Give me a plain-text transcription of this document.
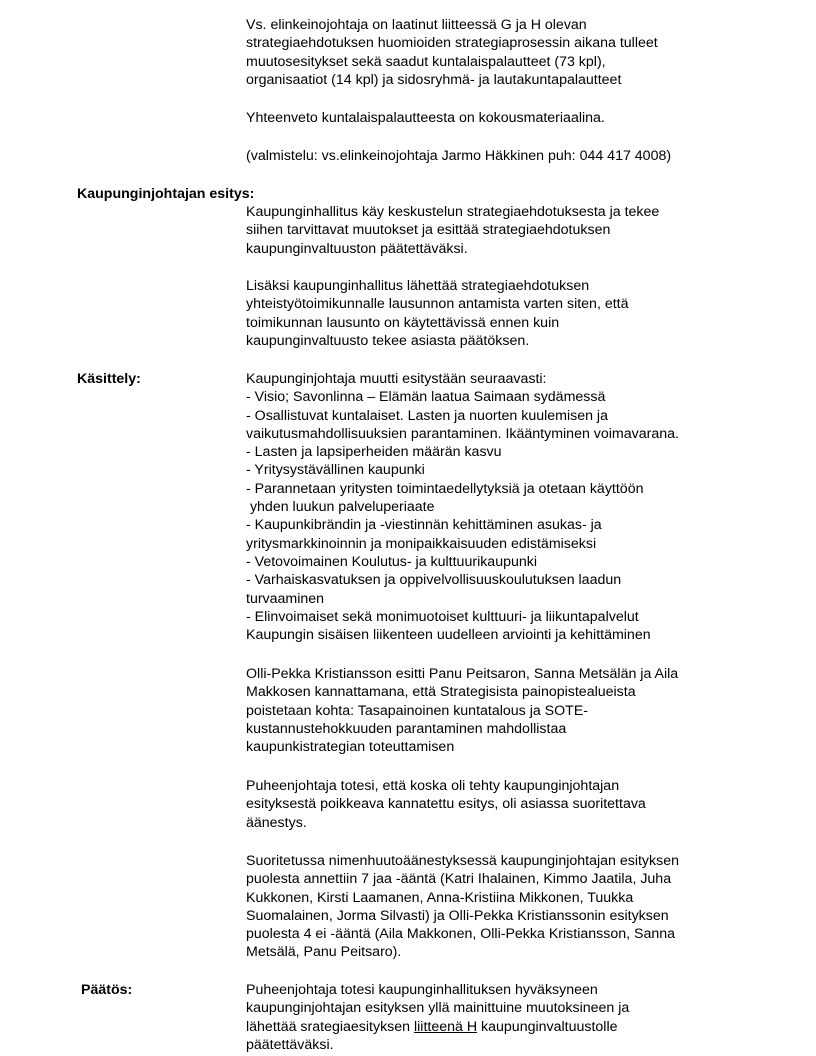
Vs. elinkeinojohtaja on laatinut liitteessä G ja H olevan
strategiaehdotuksen huomioiden strategiaprosessin aikana tulleet
muutosesitykset sekä saadut kuntalaispalautteet (73 kpl),
organisaatiot (14 kpl) ja sidosryhmä- ja lautakuntapalautteet
Yhteenveto kuntalaispalautteesta on kokousmateriaalina.
(valmistelu: vs.elinkeinojohtaja Jarmo Häkkinen puh: 044 417 4008)
Kaupunginjohtajan esitys:
Kaupunginhallitus käy keskustelun strategiaehdotuksesta ja tekee
siihen tarvittavat muutokset ja esittää strategiaehdotuksen
kaupunginvaltuuston päätettäväksi.
Lisäksi kaupunginhallitus lähettää strategiaehdotuksen
yhteistyötoimikunnalle lausunnon antamista varten siten, että
toimikunnan lausunto on käytettävissä ennen kuin
kaupunginvaltuusto tekee asiasta päätöksen.
Käsittely:	Kaupunginjohtaja muutti esitystään seuraavasti:
- Visio; Savonlinna – Elämän laatua Saimaan sydämessä
- Osallistuvat kuntalaiset. Lasten ja nuorten kuulemisen ja
vaikutusmahdollisuuksien parantaminen. Ikääntyminen voimavarana.
- Lasten ja lapsiperheiden määrän kasvu
- Yritysystävällinen kaupunki
- Parannetaan yritysten toimintaedellytyksiä ja otetaan käyttöön
yhden luukun palveluperiaate
- Kaupunkibrändin ja -viestinnän kehittäminen asukas- ja
yritysmarkkinoinnin ja monipaikkaisuuden edistämiseksi
- Vetovoimainen Koulutus- ja kulttuurikaupunki
- Varhaiskasvatuksen ja oppivelvollisuuskoulutuksen laadun
turvaaminen
- Elinvoimaiset sekä monimuotoiset kulttuuri- ja liikuntapalvelut
Kaupungin sisäisen liikenteen uudelleen arviointi ja kehittäminen
Olli-Pekka Kristiansson esitti Panu Peitsaron, Sanna Metsälän ja Aila
Makkosen kannattamana, että Strategisista painopistealueista
poistetaan kohta: Tasapainoinen kuntatalous ja SOTE-
kustannustehokkuuden parantaminen mahdollistaa
kaupunkistrategian toteuttamisen
Puheenjohtaja totesi, että koska oli tehty kaupunginjohtajan
esityksestä poikkeava kannatettu esitys, oli asiassa suoritettava
äänestys.
Suoritetussa nimenhuutoäänestyksessä kaupunginjohtajan esityksen
puolesta annettiin 7 jaa -ääntä (Katri Ihalainen, Kimmo Jaatila, Juha
Kukkonen, Kirsti Laamanen, Anna-Kristiina Mikkonen, Tuukka
Suomalainen, Jorma Silvasti) ja Olli-Pekka Kristianssonin esityksen
puolesta 4 ei -ääntä (Aila Makkonen, Olli-Pekka Kristiansson, Sanna
Metsälä, Panu Peitsaro).
Päätös:	Puheenjohtaja totesi kaupunginhallituksen hyväksyneen
kaupunginjohtajan esityksen yllä mainittuine muutoksineen ja
lähettää srategiaesityksen liitteenä H kaupunginvaltuustolle
päätettäväksi.
